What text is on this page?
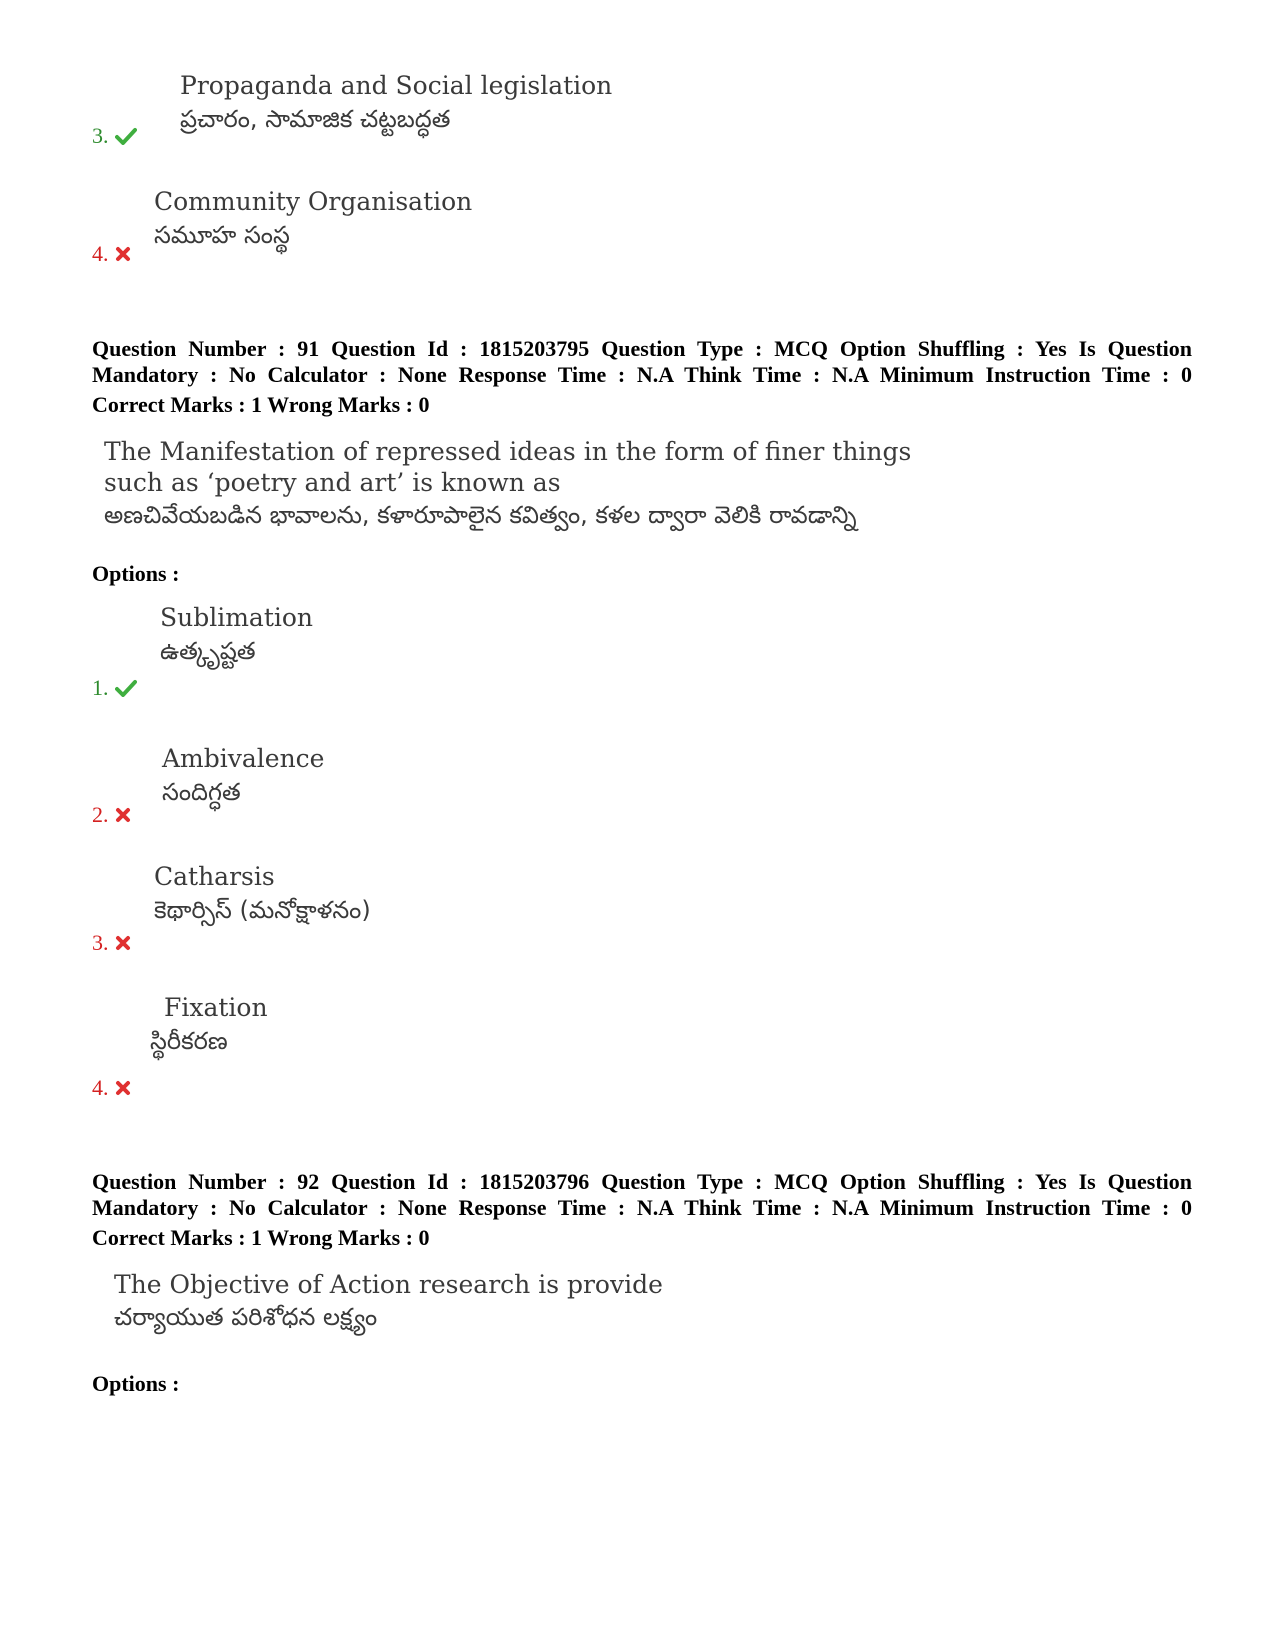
Propaganda and Social legislation
ప్రచారం, సామాజిక చట్టబద్ధత
3.
Community Organisation
సమూహ సంస్థ
4.
Question Number : 91 Question Id : 1815203795 Question Type : MCQ Option Shuffling : Yes Is Question
Mandatory : No Calculator : None Response Time : N.A Think Time : N.A Minimum Instruction Time : 0
Correct Marks : 1 Wrong Marks : 0
The Manifestation of repressed ideas in the form of finer things
such as ‘poetry and art’ is known as
అణచివేయబడిన భావాలను, కళారూపాలైన కవిత్వం, కళల ద్వారా వెలికి రావడాన్ని
Options :
Sublimation
ఉత్కృష్టత
1.
Ambivalence
సందిగ్ధత
2.
Catharsis
కెథార్సిస్ (మనోక్షాళనం)
3.
Fixation
స్థిరీకరణ
4.
Question Number : 92 Question Id : 1815203796 Question Type : MCQ Option Shuffling : Yes Is Question
Mandatory : No Calculator : None Response Time : N.A Think Time : N.A Minimum Instruction Time : 0
Correct Marks : 1 Wrong Marks : 0
The Objective of Action research is provide
చర్యాయుత పరిశోధన లక్ష్యం
Options :
